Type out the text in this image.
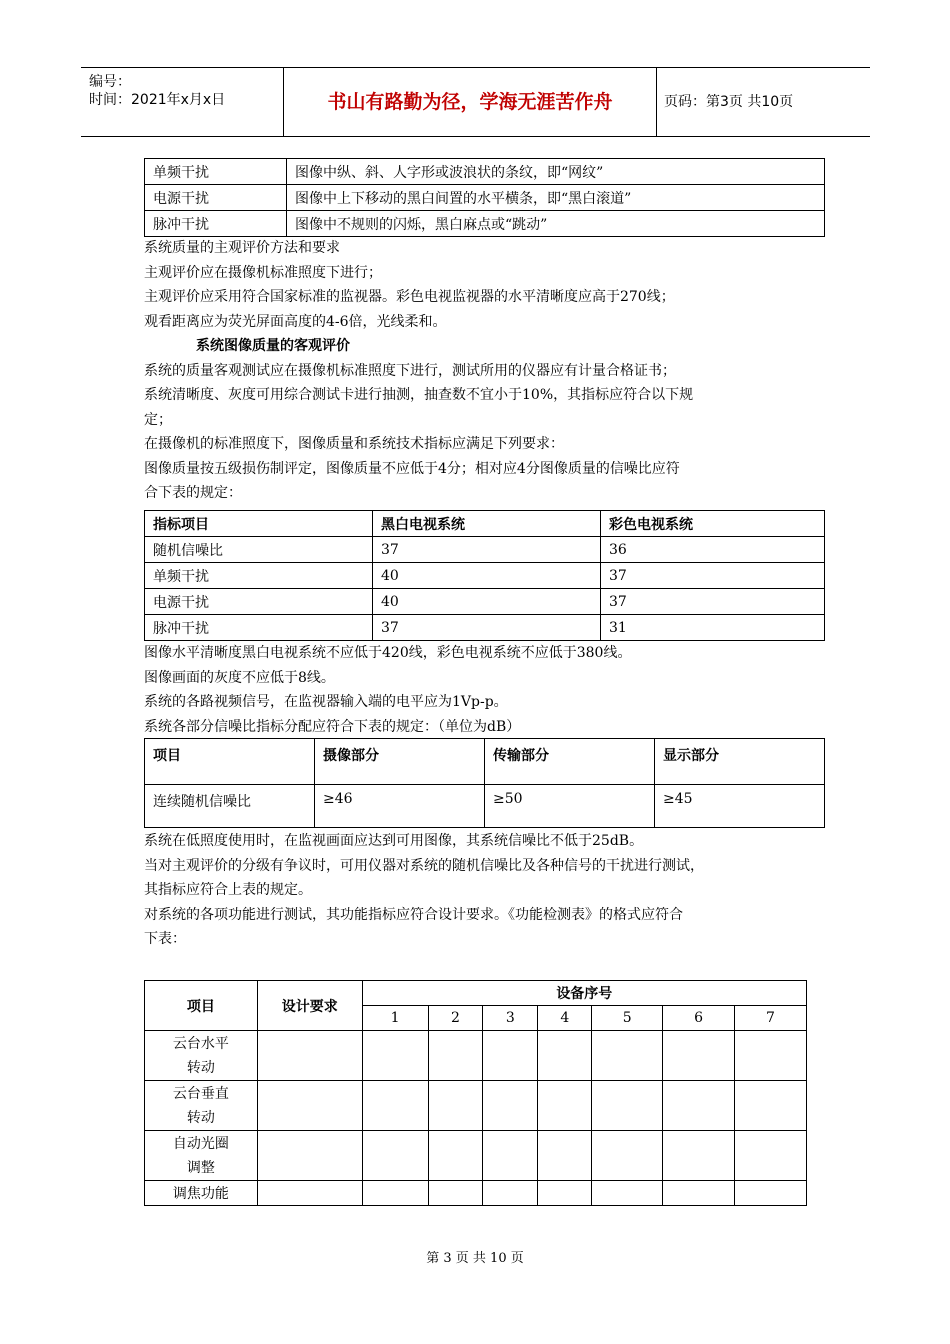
编号：
时间：2021年x月x日	书山有路勤为径，学海无涯苦作舟	页码：第3页 共10页
单频干扰	图像中纵、斜、人字形或波浪状的条纹，即“网纹”
电源干扰	图像中上下移动的黑白间置的水平横条，即“黑白滚道”
脉冲干扰	图像中不规则的闪烁，黑白麻点或“跳动”
系统质量的主观评价方法和要求
主观评价应在摄像机标准照度下进行；
主观评价应采用符合国家标准的监视器。彩色电视监视器的水平清晰度应高于270线；
观看距离应为荧光屏面高度的4-6倍，光线柔和。
系统图像质量的客观评价
系统的质量客观测试应在摄像机标准照度下进行，测试所用的仪器应有计量合格证书；
系统清晰度、灰度可用综合测试卡进行抽测，抽查数不宜小于10%，其指标应符合以下规
定；
在摄像机的标准照度下，图像质量和系统技术指标应满足下列要求：
图像质量按五级损伤制评定，图像质量不应低于4分；相对应4分图像质量的信噪比应符
合下表的规定：
指标项目	黑白电视系统	彩色电视系统
随机信噪比	37	36
单频干扰	40	37
电源干扰	40	37
脉冲干扰	37	31
图像水平清晰度黑白电视系统不应低于420线，彩色电视系统不应低于380线。
图像画面的灰度不应低于8线。
系统的各路视频信号，在监视器输入端的电平应为1Vp-p。
系统各部分信噪比指标分配应符合下表的规定：（单位为dB）
项目	摄像部分	传输部分	显示部分
连续随机信噪比	≥46	≥50	≥45
系统在低照度使用时，在监视画面应达到可用图像，其系统信噪比不低于25dB。
当对主观评价的分级有争议时，可用仪器对系统的随机信噪比及各种信号的干扰进行测试，
其指标应符合上表的规定。
对系统的各项功能进行测试，其功能指标应符合设计要求。《功能检测表》的格式应符合
下表：
项目	设计要求	设备序号						
		1	2	3	4	5	6	7

云台水平
转动								

云台垂直
转动								

自动光圈
调整								

调焦功能								
第 3 页 共 10 页
